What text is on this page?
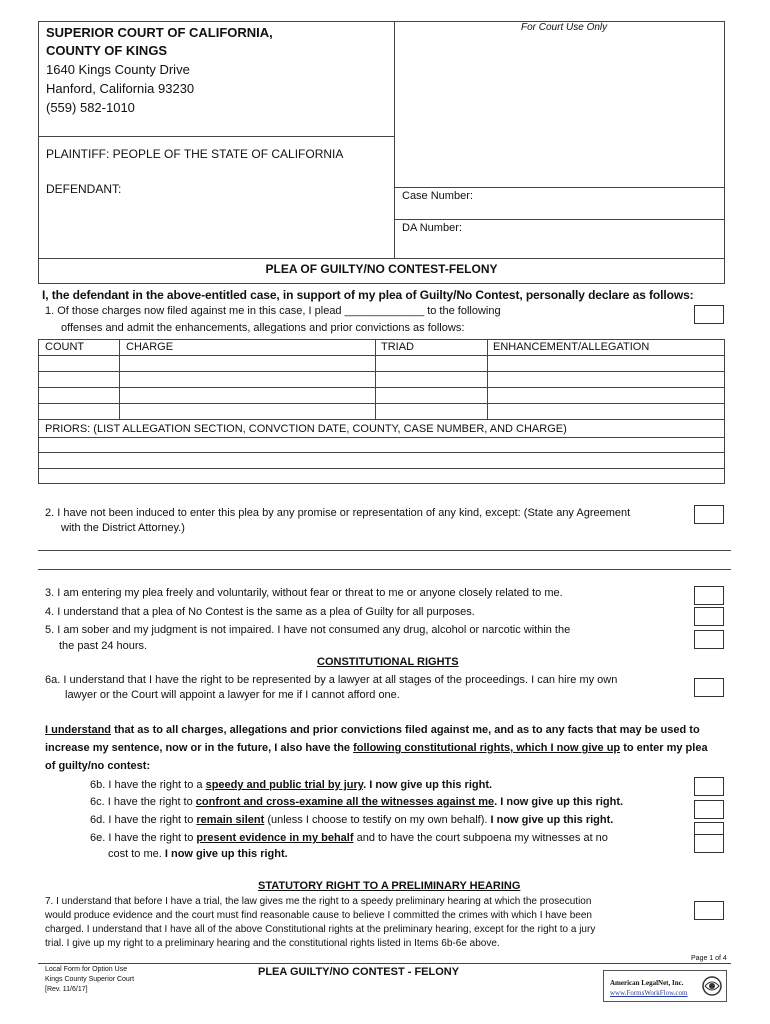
SUPERIOR COURT OF CALIFORNIA,
COUNTY OF KINGS
1640 Kings County Drive
Hanford, California 93230
(559) 582-1010
For Court Use Only
PLAINTIFF: PEOPLE OF THE STATE OF CALIFORNIA
DEFENDANT:	Case Number:
DA Number:
PLEA OF GUILTY/NO CONTEST-FELONY
I, the defendant in the above-entitled case, in support of my plea of Guilty/No Contest, personally declare as follows:
1. Of those charges now filed against me in this case, I plead _____________ to the following
offenses and admit the enhancements, allegations and prior convictions as follows:
COUNT	CHARGE	TRIAD	ENHANCEMENT/ALLEGATION
PRIORS: (LIST ALLEGATION SECTION, CONVCTION DATE, COUNTY, CASE NUMBER, AND CHARGE)
2. I have not been induced to enter this plea by any promise or representation of any kind, except: (State any Agreement
with the District Attorney.)
3. I am entering my plea freely and voluntarily, without fear or threat to me or anyone closely related to me.
4. I understand that a plea of No Contest is the same as a plea of Guilty for all purposes.
5. I am sober and my judgment is not impaired. I have not consumed any drug, alcohol or narcotic within the
the past 24 hours.
CONSTITUTIONAL RIGHTS
6a. I understand that I have the right to be represented by a lawyer at all stages of the proceedings. I can hire my own
lawyer or the Court will appoint a lawyer for me if I cannot afford one.
I understand that as to all charges, allegations and prior convictions filed against me, and as to any facts that may be used to
increase my sentence, now or in the future, I also have the following constitutional rights, which I now give up to enter my plea
of guilty/no contest:
6b. I have the right to a speedy and public trial by jury. I now give up this right.
6c. I have the right to confront and cross-examine all the witnesses against me. I now give up this right.
6d. I have the right to remain silent (unless I choose to testify on my own behalf). I now give up this right.
6e. I have the right to present evidence in my behalf and to have the court subpoena my witnesses at no
cost to me. I now give up this right.
STATUTORY RIGHT TO A PRELIMINARY HEARING
7. I understand that before I have a trial, the law gives me the right to a speedy preliminary hearing at which the prosecution
would produce evidence and the court must find reasonable cause to believe I committed the crimes with which I have been
charged. I understand that I have all of the above Constitutional rights at the preliminary hearing, except for the right to a jury
trial. I give up my right to a preliminary hearing and the constitutional rights listed in Items 6b-6e above.
Page 1 of 4
Local Form for Option Use
Kings County Superior Court
[Rev. 11/6/17]
PLEA GUILTY/NO CONTEST - FELONY
American LegalNet, Inc.
www.FormsWorkFlow.com
